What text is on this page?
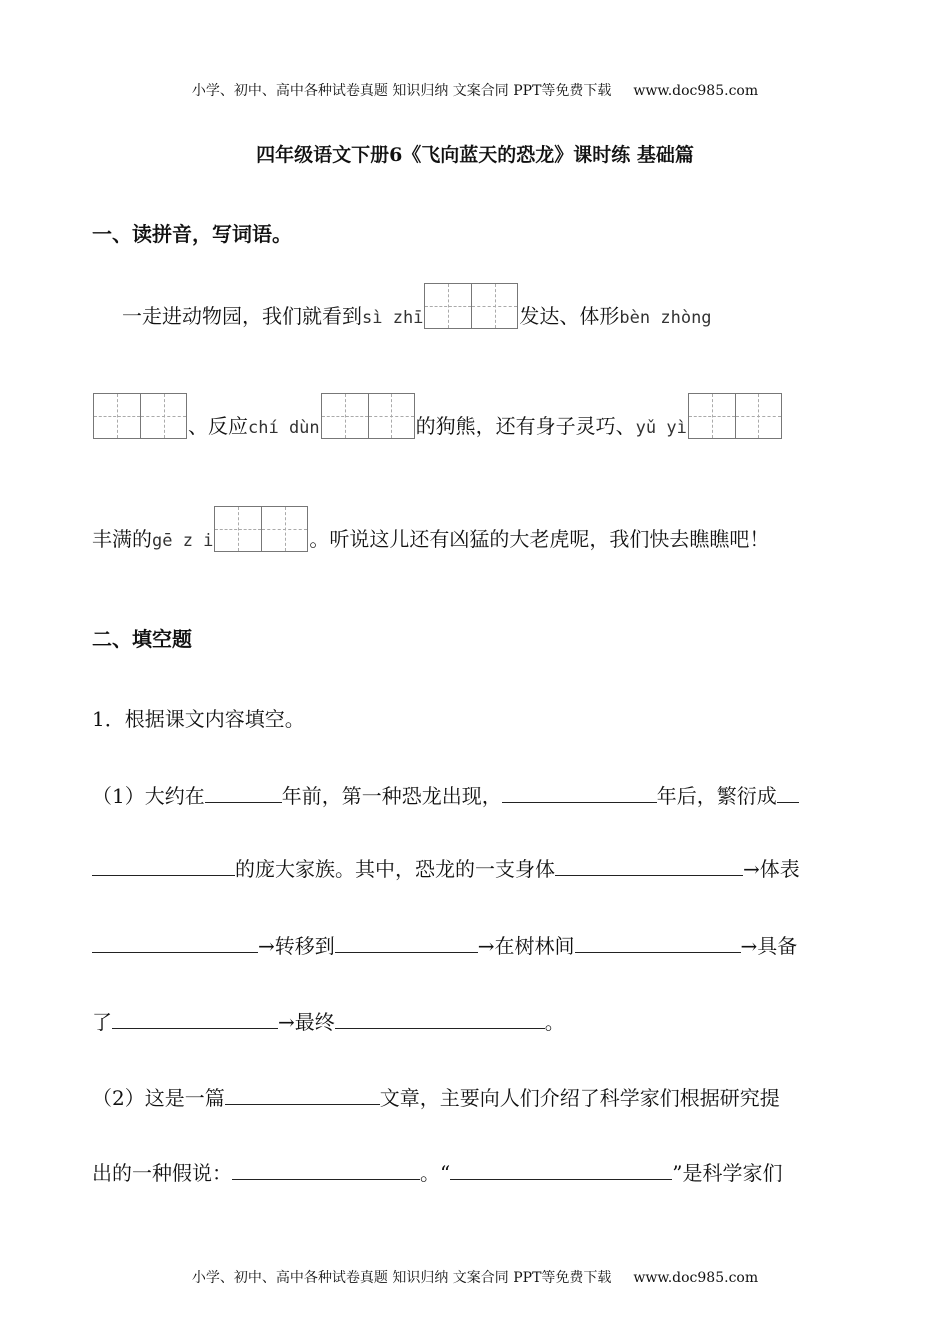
小学、初中、高中各种试卷真题 知识归纳 文案合同 PPT等免费下载 www.doc985.com
四年级语文下册6《飞向蓝天的恐龙》课时练 基础篇
一、读拼音，写词语。
一走进动物园，我们就看到sì zhī	发达、体形bèn zhòng
、反应chí dùn	的狗熊，还有身子灵巧、yǔ yì
丰满的gē z i	。听说这儿还有凶猛的大老虎呢，我们快去瞧瞧吧！
二、填空题
1．根据课文内容填空。
（1）大约在	年前，第一种恐龙出现，	年后，繁衍成
的庞大家族。其中，恐龙的一支身体	→体表
→转移到	→在树林间	→具备
了	→最终	。
（2）这是一篇	文章，主要向人们介绍了科学家们根据研究提
出的一种假说：	。“	”是科学家们
小学、初中、高中各种试卷真题 知识归纳 文案合同 PPT等免费下载 www.doc985.com
